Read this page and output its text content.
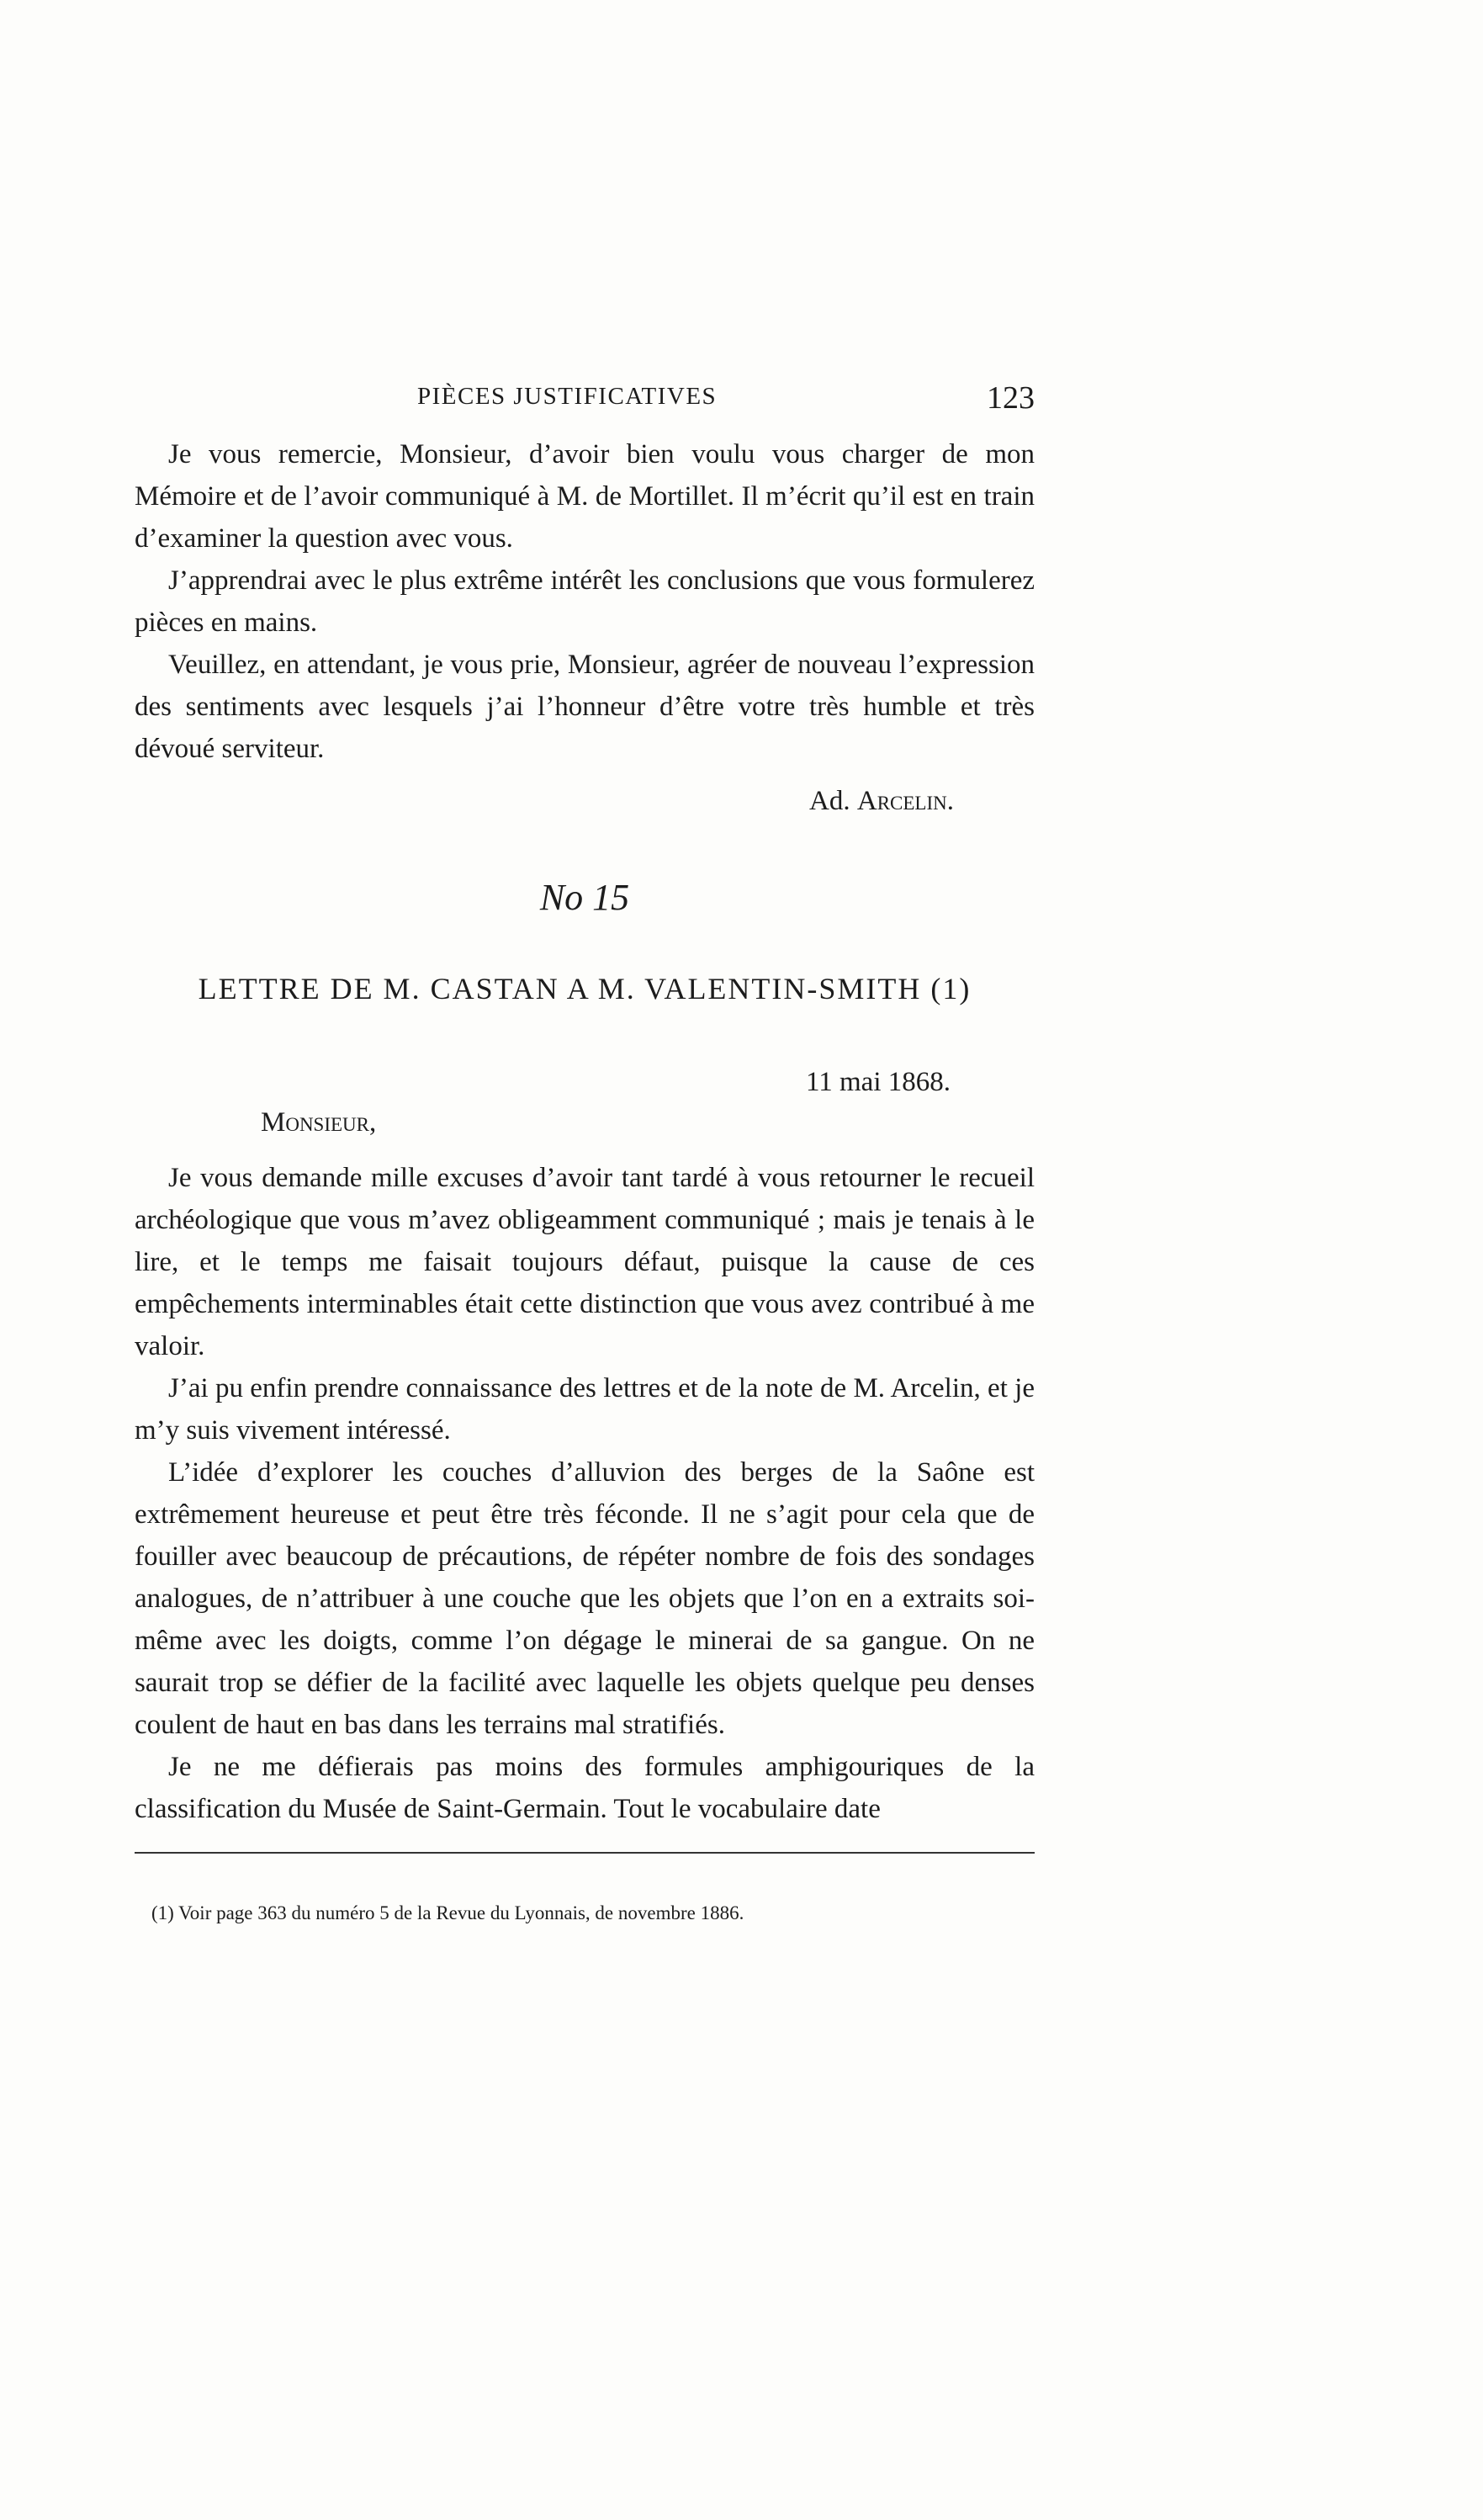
PIÈCES JUSTIFICATIVES	123

Je vous remercie, Monsieur, d’avoir bien voulu vous charger de mon Mémoire et de l’avoir communiqué à M. de Mortillet. Il m’écrit qu’il est en train d’examiner la question avec vous.

J’apprendrai avec le plus extrême intérêt les conclusions que vous formulerez pièces en mains.

Veuillez, en attendant, je vous prie, Monsieur, agréer de nouveau l’expression des sentiments avec lesquels j’ai l’honneur d’être votre très humble et très dévoué serviteur.

Ad. Arcelin.

No 15
LETTRE DE M. CASTAN A M. VALENTIN-SMITH (1)
11 mai 1868.
Monsieur,

Je vous demande mille excuses d’avoir tant tardé à vous retourner le recueil archéologique que vous m’avez obligeamment communiqué ; mais je tenais à le lire, et le temps me faisait toujours défaut, puisque la cause de ces empêchements interminables était cette distinction que vous avez contribué à me valoir.

J’ai pu enfin prendre connaissance des lettres et de la note de M. Arcelin, et je m’y suis vivement intéressé.

L’idée d’explorer les couches d’alluvion des berges de la Saône est extrêmement heureuse et peut être très féconde. Il ne s’agit pour cela que de fouiller avec beaucoup de précautions, de répéter nombre de fois des sondages analogues, de n’attribuer à une couche que les objets que l’on en a extraits soi-même avec les doigts, comme l’on dégage le minerai de sa gangue. On ne saurait trop se défier de la facilité avec laquelle les objets quelque peu denses coulent de haut en bas dans les terrains mal stratifiés.

Je ne me défierais pas moins des formules amphigouriques de la classification du Musée de Saint-Germain. Tout le vocabulaire date

(1) Voir page 363 du numéro 5 de la Revue du Lyonnais, de novembre 1886.
